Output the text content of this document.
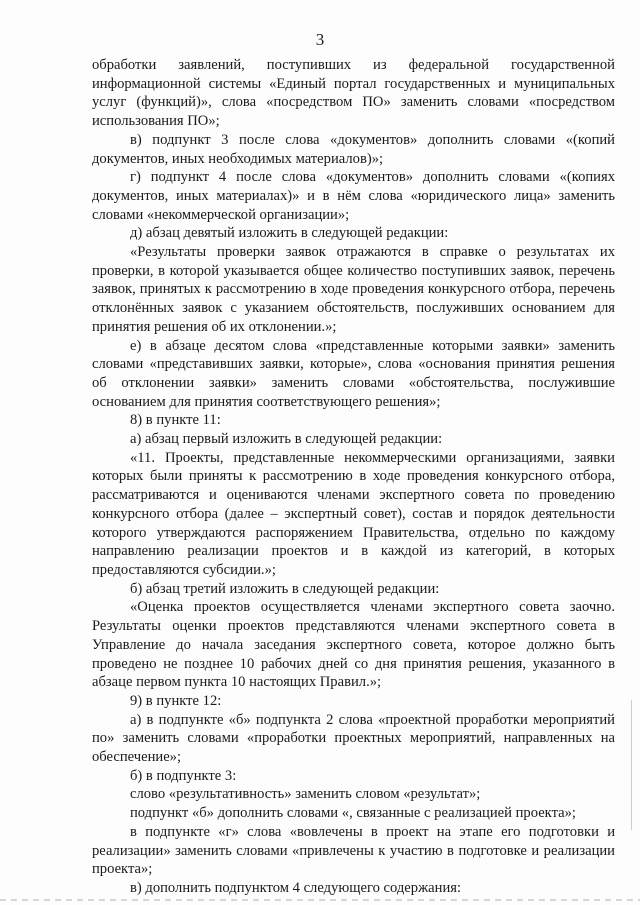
3

обработки заявлений, поступивших из федеральной государственной информационной системы «Единый портал государственных и муниципальных услуг (функций)», слова «посредством ПО» заменить словами «посредством использования ПО»;

в) подпункт 3 после слова «документов» дополнить словами «(копий документов, иных необходимых материалов)»;

г) подпункт 4 после слова «документов» дополнить словами «(копиях документов, иных материалах)» и в нём слова «юридического лица» заменить словами «некоммерческой организации»;

д) абзац девятый изложить в следующей редакции:

«Результаты проверки заявок отражаются в справке о результатах их проверки, в которой указывается общее количество поступивших заявок, перечень заявок, принятых к рассмотрению в ходе проведения конкурсного отбора, перечень отклонённых заявок с указанием обстоятельств, послуживших основанием для принятия решения об их отклонении.»;

е) в абзаце десятом слова «представленные которыми заявки» заменить словами «представивших заявки, которые», слова «основания принятия решения об отклонении заявки» заменить словами «обстоятельства, послужившие основанием для принятия соответствующего решения»;

8) в пункте 11:

а) абзац первый изложить в следующей редакции:

«11. Проекты, представленные некоммерческими организациями, заявки которых были приняты к рассмотрению в ходе проведения конкурсного отбора, рассматриваются и оцениваются членами экспертного совета по проведению конкурсного отбора (далее – экспертный совет), состав и порядок деятельности которого утверждаются распоряжением Правительства, отдельно по каждому направлению реализации проектов и в каждой из категорий, в которых предоставляются субсидии.»;

б) абзац третий изложить в следующей редакции:

«Оценка проектов осуществляется членами экспертного совета заочно. Результаты оценки проектов представляются членами экспертного совета в Управление до начала заседания экспертного совета, которое должно быть проведено не позднее 10 рабочих дней со дня принятия решения, указанного в абзаце первом пункта 10 настоящих Правил.»;

9) в пункте 12:

а) в подпункте «б» подпункта 2 слова «проектной проработки мероприятий по» заменить словами «проработки проектных мероприятий, направленных на обеспечение»;

б) в подпункте 3:

слово «результативность» заменить словом «результат»;

подпункт «б» дополнить словами «, связанные с реализацией проекта»;

в подпункте «г» слова «вовлечены в проект на этапе его подготовки и реализации» заменить словами «привлечены к участию в подготовке и реализации проекта»;

в) дополнить подпунктом 4 следующего содержания:
